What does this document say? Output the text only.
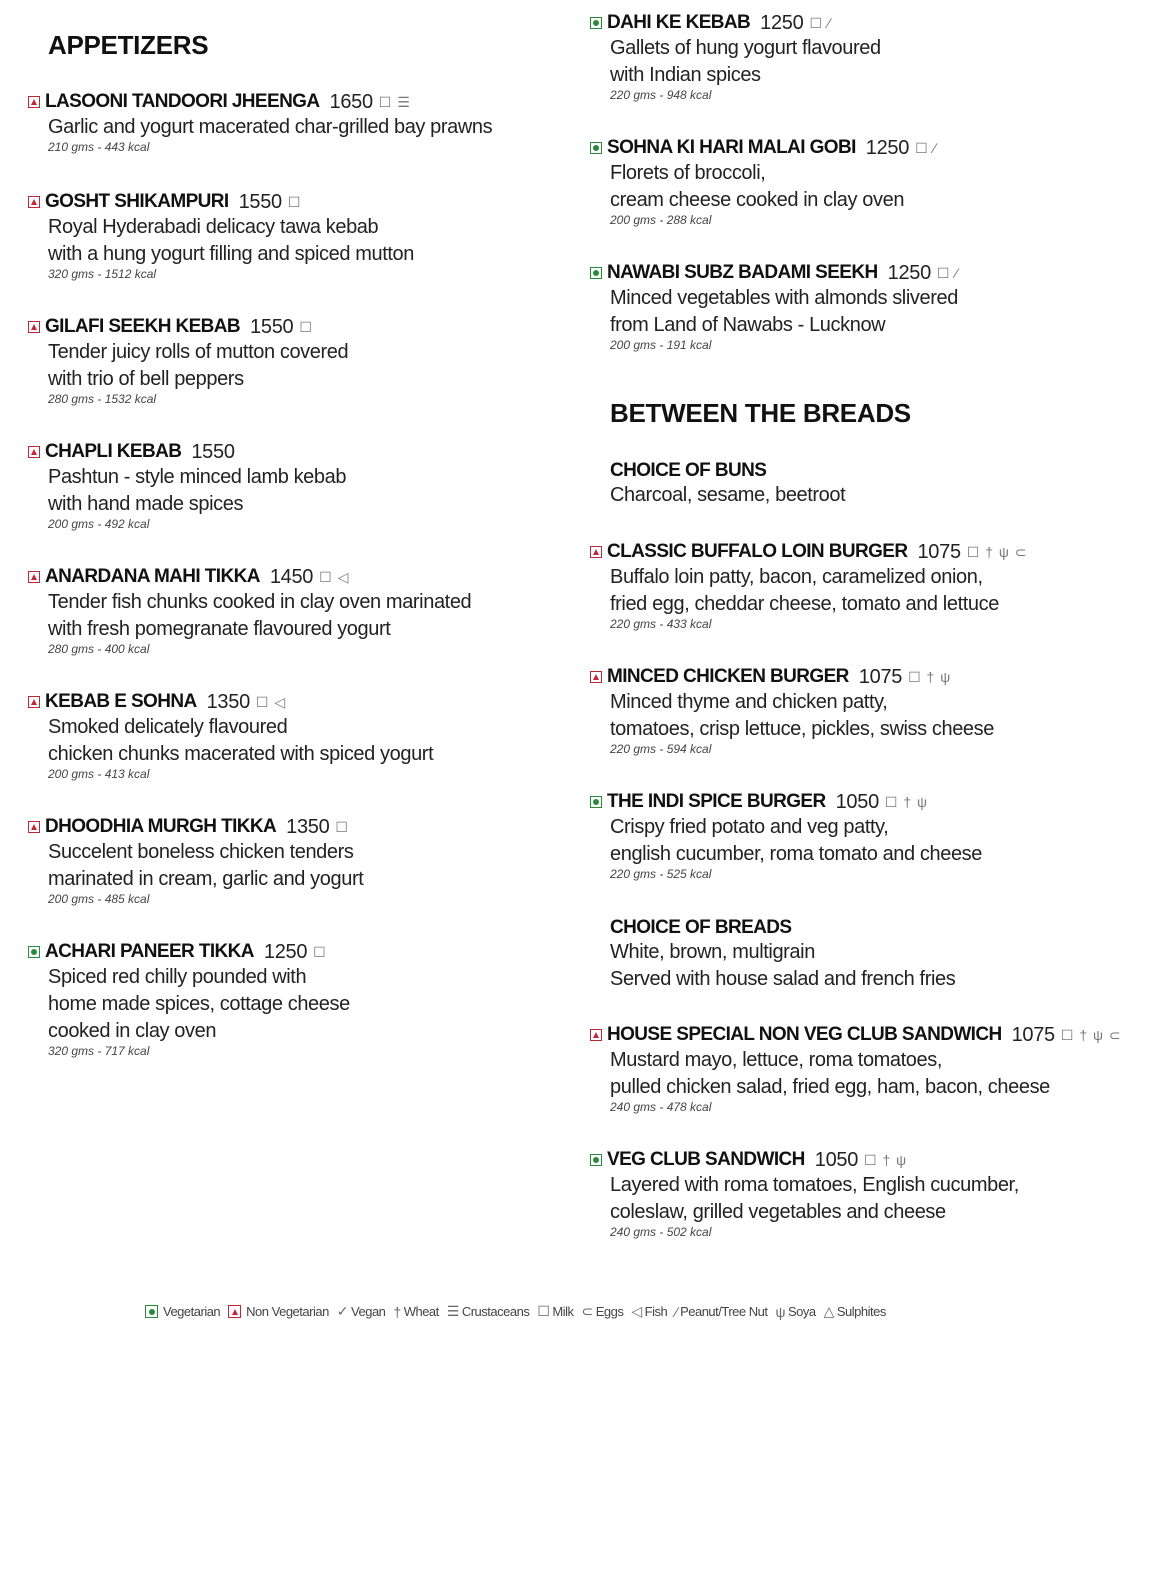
APPETIZERS
LASOONI TANDOORI JHEENGA 1650 ☐ ☰
Garlic and yogurt macerated char-grilled bay prawns
210 gms - 443 kcal
GOSHT SHIKAMPURI 1550 ☐
Royal Hyderabadi delicacy tawa kebab
with a hung yogurt filling and spiced mutton
320 gms - 1512 kcal
GILAFI SEEKH KEBAB 1550 ☐
Tender juicy rolls of mutton covered
with trio of bell peppers
280 gms - 1532 kcal
CHAPLI KEBAB 1550
Pashtun - style minced lamb kebab
with hand made spices
200 gms - 492 kcal
ANARDANA MAHI TIKKA 1450 ☐ ◁
Tender fish chunks cooked in clay oven marinated
with fresh pomegranate flavoured yogurt
280 gms - 400 kcal
KEBAB E SOHNA 1350 ☐ ◁
Smoked delicately flavoured
chicken chunks macerated with spiced yogurt
200 gms - 413 kcal
DHOODHIA MURGH TIKKA 1350 ☐
Succelent boneless chicken tenders
marinated in cream, garlic and yogurt
200 gms - 485 kcal
ACHARI PANEER TIKKA 1250 ☐
Spiced red chilly pounded with
home made spices, cottage cheese
cooked in clay oven
320 gms - 717 kcal
DAHI KE KEBAB 1250 ☐ ∕
Gallets of hung yogurt flavoured
with Indian spices
220 gms - 948 kcal
SOHNA KI HARI MALAI GOBI 1250 ☐ ∕
Florets of broccoli,
cream cheese cooked in clay oven
200 gms - 288 kcal
NAWABI SUBZ BADAMI SEEKH 1250 ☐ ∕
Minced vegetables with almonds slivered
from Land of Nawabs - Lucknow
200 gms - 191 kcal
BETWEEN THE BREADS
CHOICE OF BUNS
Charcoal, sesame, beetroot
CLASSIC BUFFALO LOIN BURGER 1075 ☐ † ψ ⊂
Buffalo loin patty, bacon, caramelized onion,
fried egg, cheddar cheese, tomato and lettuce
220 gms - 433 kcal
MINCED CHICKEN BURGER 1075 ☐ † ψ
Minced thyme and chicken patty,
tomatoes, crisp lettuce, pickles, swiss cheese
220 gms - 594 kcal
THE INDI SPICE BURGER 1050 ☐ † ψ
Crispy fried potato and veg patty,
english cucumber, roma tomato and cheese
220 gms - 525 kcal
CHOICE OF BREADS
White, brown, multigrain
Served with house salad and french fries
HOUSE SPECIAL NON VEG CLUB SANDWICH 1075 ☐ † ψ ⊂
Mustard mayo, lettuce, roma tomatoes,
pulled chicken salad, fried egg, ham, bacon, cheese
240 gms - 478 kcal
VEG CLUB SANDWICH 1050 ☐ † ψ
Layered with roma tomatoes, English cucumber,
coleslaw, grilled vegetables and cheese
240 gms - 502 kcal
Vegetarian Non Vegetarian ✓ Vegan † Wheat ☰ Crustaceans ☐ Milk ⊂ Eggs ◁ Fish ∕ Peanut/Tree Nut ψ Soya △ Sulphites
